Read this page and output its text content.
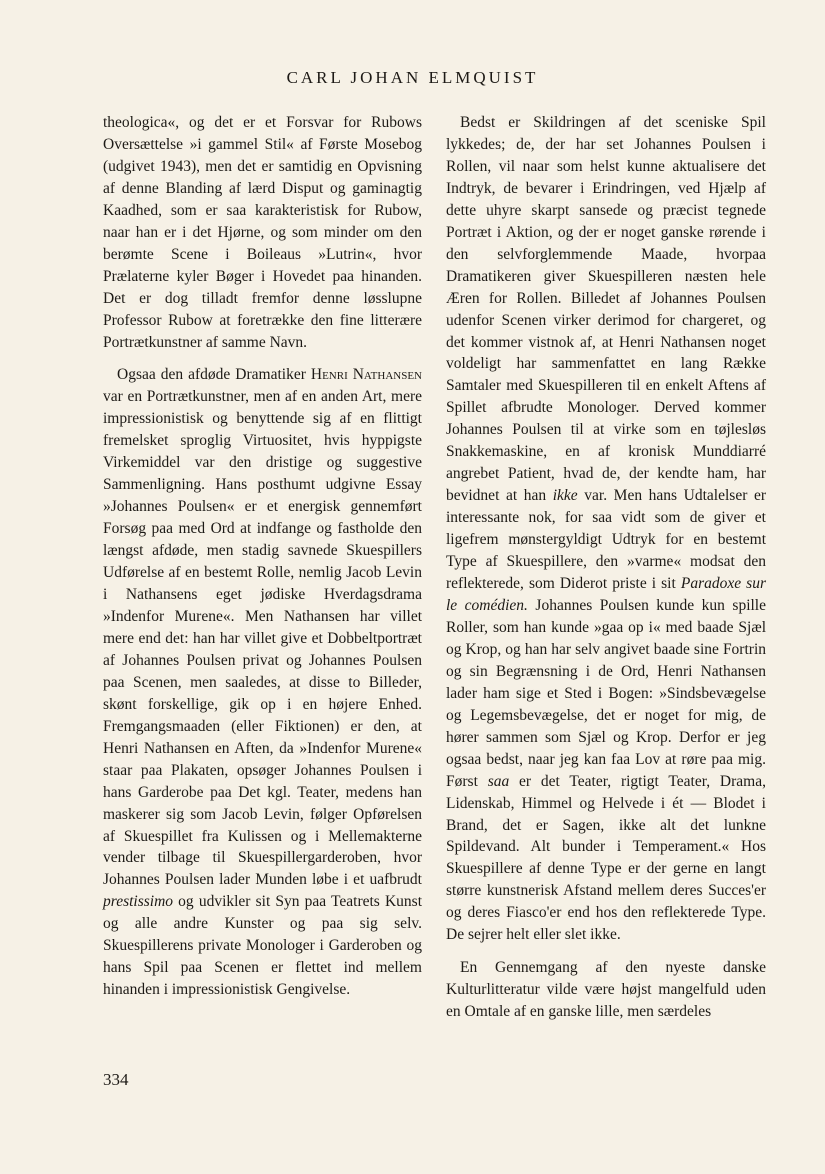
CARL JOHAN ELMQUIST

theologica«, og det er et Forsvar for Rubows Oversættelse »i gammel Stil« af Første Mosebog (udgivet 1943), men det er samtidig en Opvisning af denne Blanding af lærd Disput og gaminagtig Kaadhed, som er saa karakteristisk for Rubow, naar han er i det Hjørne, og som minder om den berømte Scene i Boileaus »Lutrin«, hvor Prælaterne kyler Bøger i Hovedet paa hinanden. Det er dog tilladt fremfor denne løsslupne Professor Rubow at foretrække den fine litterære Portrætkunstner af samme Navn.

Ogsaa den afdøde Dramatiker Henri Nathansen var en Portrætkunstner, men af en anden Art, mere impressionistisk og benyttende sig af en flittigt fremelsket sproglig Virtuositet, hvis hyppigste Virkemiddel var den dristige og suggestive Sammenligning. Hans posthumt udgivne Essay »Johannes Poulsen« er et energisk gennemført Forsøg paa med Ord at indfange og fastholde den længst afdøde, men stadig savnede Skuespillers Udførelse af en bestemt Rolle, nemlig Jacob Levin i Nathansens eget jødiske Hverdagsdrama »Indenfor Murene«. Men Nathansen har villet mere end det: han har villet give et Dobbeltportræt af Johannes Poulsen privat og Johannes Poulsen paa Scenen, men saaledes, at disse to Billeder, skønt forskellige, gik op i en højere Enhed. Fremgangsmaaden (eller Fiktionen) er den, at Henri Nathansen en Aften, da »Indenfor Murene« staar paa Plakaten, opsøger Johannes Poulsen i hans Garderobe paa Det kgl. Teater, medens han maskerer sig som Jacob Levin, følger Opførelsen af Skuespillet fra Kulissen og i Mellemakterne vender tilbage til Skuespillergarderoben, hvor Johannes Poulsen lader Munden løbe i et uafbrudt prestissimo og udvikler sit Syn paa Teatrets Kunst og alle andre Kunster og paa sig selv. Skuespillerens private Monologer i Garderoben og hans Spil paa Scenen er flettet ind mellem hinanden i impressionistisk Gengivelse.

Bedst er Skildringen af det sceniske Spil lykkedes; de, der har set Johannes Poulsen i Rollen, vil naar som helst kunne aktualisere det Indtryk, de bevarer i Erindringen, ved Hjælp af dette uhyre skarpt sansede og præcist tegnede Portræt i Aktion, og der er noget ganske rørende i den selvforglemmende Maade, hvorpaa Dramatikeren giver Skuespilleren næsten hele Æren for Rollen. Billedet af Johannes Poulsen udenfor Scenen virker derimod for chargeret, og det kommer vistnok af, at Henri Nathansen noget voldeligt har sammenfattet en lang Række Samtaler med Skuespilleren til en enkelt Aftens af Spillet afbrudte Monologer. Derved kommer Johannes Poulsen til at virke som en tøjlesløs Snakkemaskine, en af kronisk Munddiarré angrebet Patient, hvad de, der kendte ham, har bevidnet at han ikke var. Men hans Udtalelser er interessante nok, for saa vidt som de giver et ligefrem mønstergyldigt Udtryk for en bestemt Type af Skuespillere, den »varme« modsat den reflekterede, som Diderot priste i sit Paradoxe sur le comédien. Johannes Poulsen kunde kun spille Roller, som han kunde »gaa op i« med baade Sjæl og Krop, og han har selv angivet baade sine Fortrin og sin Begrænsning i de Ord, Henri Nathansen lader ham sige et Sted i Bogen: »Sindsbevægelse og Legemsbevægelse, det er noget for mig, de hører sammen som Sjæl og Krop. Derfor er jeg ogsaa bedst, naar jeg kan faa Lov at røre paa mig. Først saa er det Teater, rigtigt Teater, Drama, Lidenskab, Himmel og Helvede i ét — Blodet i Brand, det er Sagen, ikke alt det lunkne Spildevand. Alt bunder i Temperament.« Hos Skuespillere af denne Type er der gerne en langt større kunstnerisk Afstand mellem deres Succes'er og deres Fiasco'er end hos den reflekterede Type. De sejrer helt eller slet ikke.

En Gennemgang af den nyeste danske Kulturlitteratur vilde være højst mangelfuld uden en Omtale af en ganske lille, men særdeles

334
